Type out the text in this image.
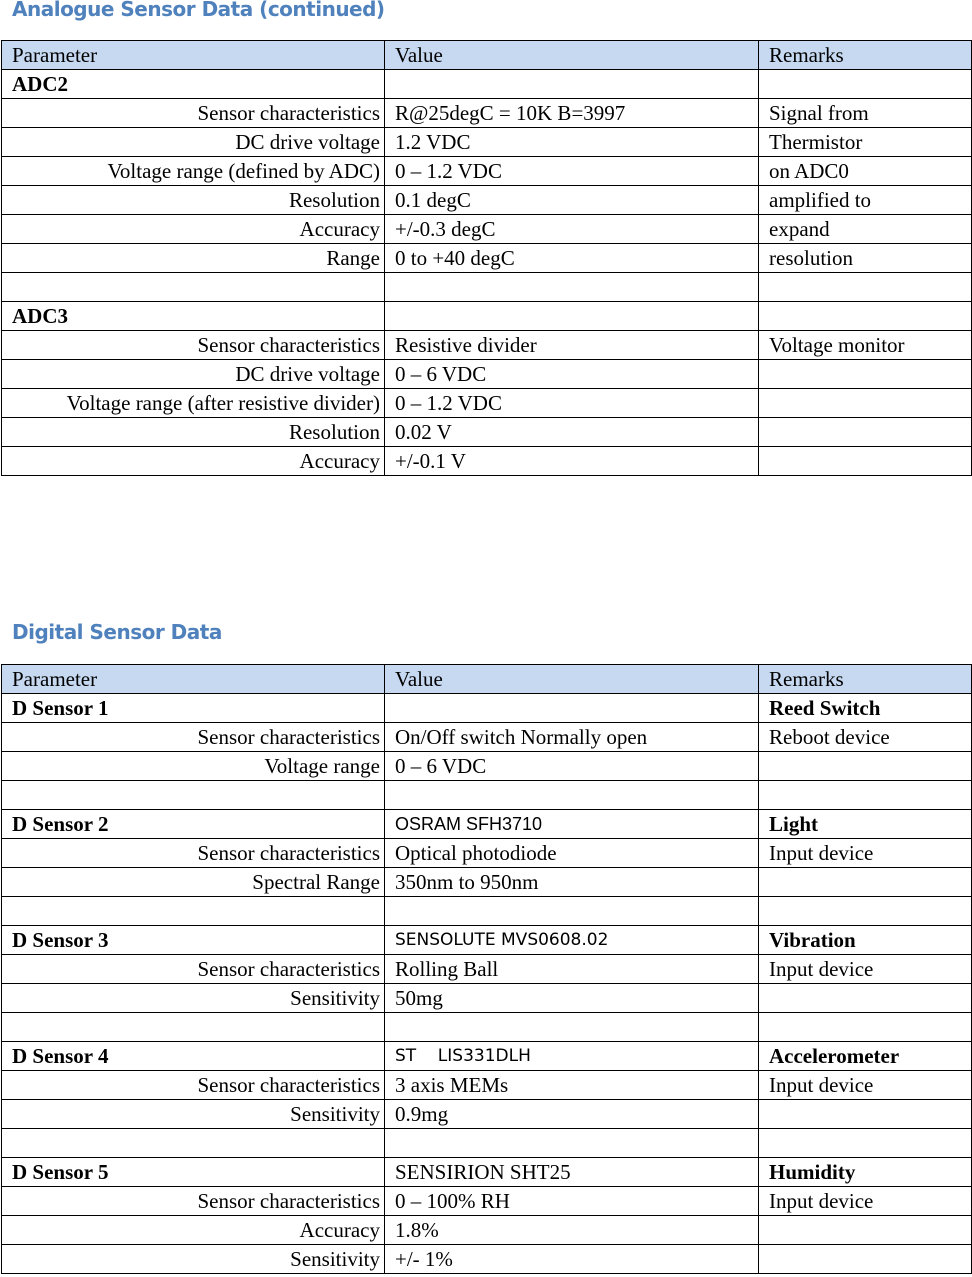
Analogue Sensor Data (continued)
Parameter	Value	Remarks
ADC2		
Sensor characteristics	R@25degC = 10K B=3997	Signal from
DC drive voltage	1.2 VDC	Thermistor
Voltage range (defined by ADC)	0 – 1.2 VDC	on ADC0
Resolution	0.1 degC	amplified to
Accuracy	+/-0.3 degC	expand
Range	0 to +40 degC	resolution

ADC3		
Sensor characteristics	Resistive divider	Voltage monitor
DC drive voltage	0 – 6 VDC	
Voltage range (after resistive divider)	0 – 1.2 VDC	
Resolution	0.02 V	
Accuracy	+/-0.1 V	
Digital Sensor Data
Parameter	Value	Remarks
D Sensor 1		Reed Switch
Sensor characteristics	On/Off switch Normally open	Reboot device
Voltage range	0 – 6 VDC	

D Sensor 2	OSRAM SFH3710	Light
Sensor characteristics	Optical photodiode	Input device
Spectral Range	350nm to 950nm	

D Sensor 3	SENSOLUTE MVS0608.02	Vibration
Sensor characteristics	Rolling Ball	Input device
Sensitivity	50mg	

D Sensor 4	ST    LIS331DLH	Accelerometer
Sensor characteristics	3 axis MEMs	Input device
Sensitivity	0.9mg	

D Sensor 5	SENSIRION SHT25	Humidity
Sensor characteristics	0 – 100% RH	Input device
Accuracy	1.8%	
Sensitivity	+/- 1%	
